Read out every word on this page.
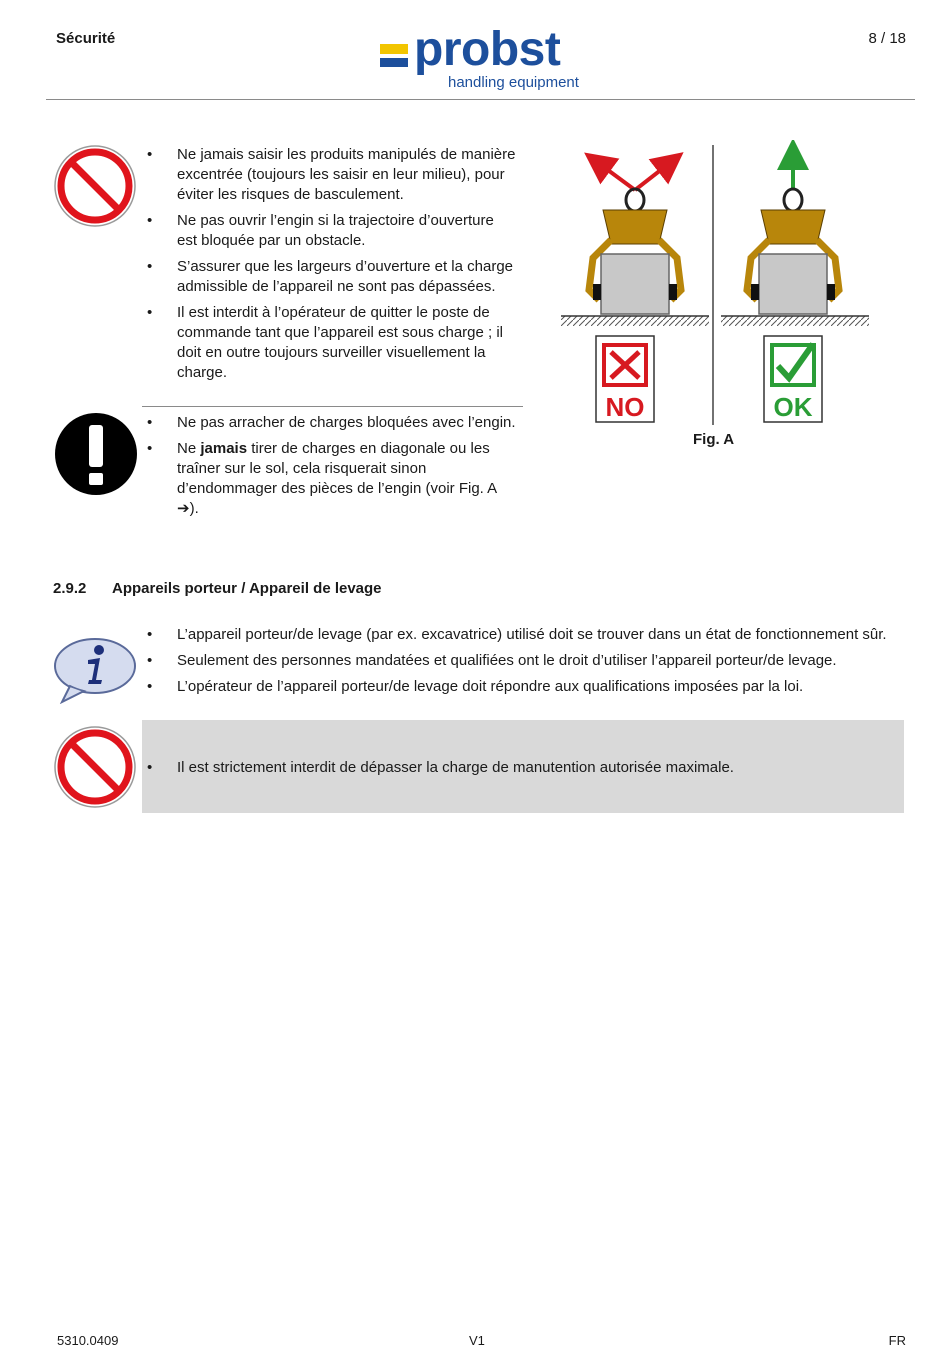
Sécurité	8 / 18
probst
handling equipment
• Ne jamais saisir les produits manipulés de manière excentrée (toujours les saisir en leur milieu), pour éviter les risques de basculement.
• Ne pas ouvrir l’engin si la trajectoire d’ouverture est bloquée par un obstacle.
• S’assurer que les largeurs d’ouverture et la charge admissible de l’appareil ne sont pas dépassées.
• Il est interdit à l’opérateur de quitter le poste de commande tant que l’appareil est sous charge ; il doit en outre toujours surveiller visuellement la charge.
• Ne pas arracher de charges bloquées avec l’engin.
• Ne jamais tirer de charges en diagonale ou les traîner sur le sol, cela risquerait sinon d’endommager des pièces de l’engin (voir Fig. A ➔).
NO	OK
Fig. A
2.9.2 Appareils porteur / Appareil de levage
• L’appareil porteur/de levage (par ex. excavatrice) utilisé doit se trouver dans un état de fonctionnement sûr.
• Seulement des personnes mandatées et qualifiées ont le droit d’utiliser l’appareil porteur/de levage.
• L’opérateur de l’appareil porteur/de levage doit répondre aux qualifications imposées par la loi.
• Il est strictement interdit de dépasser la charge de manutention autorisée maximale.
5310.0409	V1	FR
